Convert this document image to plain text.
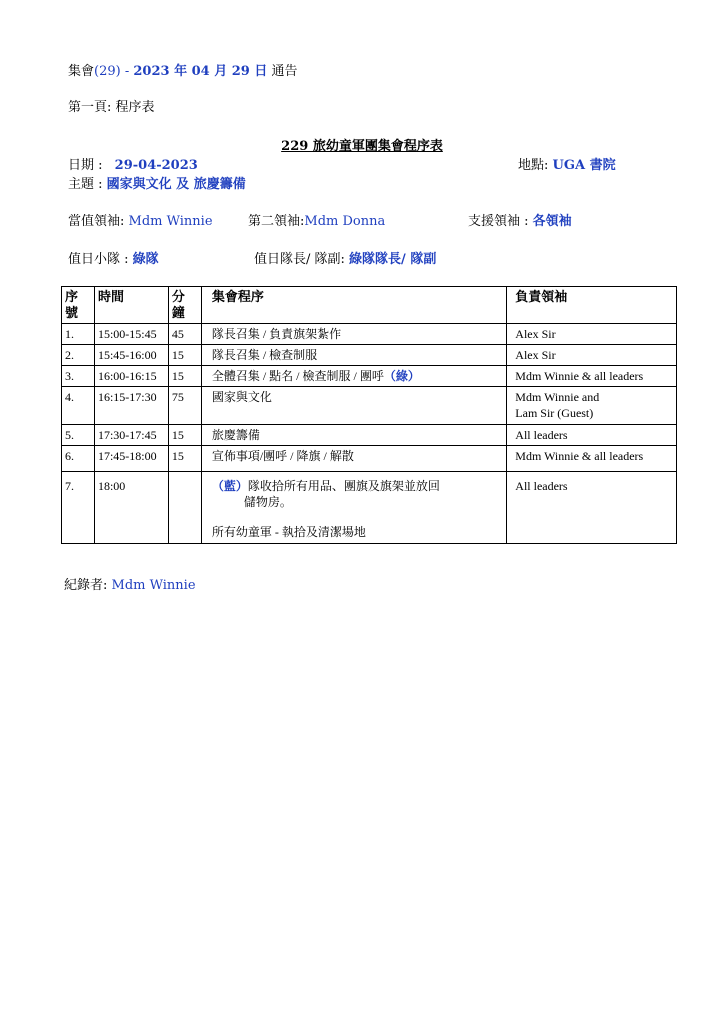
集會(29) - 2023 年 04 月 29 日 通告
第一頁: 程序表
229 旅幼童軍團集會程序表
日期 : 29-04-2023	地點: UGA 書院
主題 : 國家與文化 及 旅慶籌備
當值領袖: Mdm Winnie	第二領袖:Mdm Donna	支援領袖 : 各領袖
值日小隊 : 綠隊	值日隊長/ 隊副: 綠隊隊長/ 隊副
序號	時間	分鐘	集會程序	負責領袖
1.	15:00-15:45	45	隊長召集 / 負責旗架紮作	Alex Sir
2.	15:45-16:00	15	隊長召集 / 檢查制服	Alex Sir
3.	16:00-16:15	15	全體召集 / 點名 / 檢查制服 / 團呼（綠）	Mdm Winnie & all leaders
4.	16:15-17:30	75	國家與文化	Mdm Winnie and
Lam Sir (Guest)

5.	17:30-17:45	15	旅慶籌備	All leaders
6.	17:45-18:00	15	宣佈事項/團呼 / 降旗 / 解散	Mdm Winnie & all leaders
7.	18:00		（藍）隊收拾所有用品、團旗及旗架並放回
儲物房。
所有幼童軍 - 執拾及清潔場地	All leaders
紀錄者: Mdm Winnie
